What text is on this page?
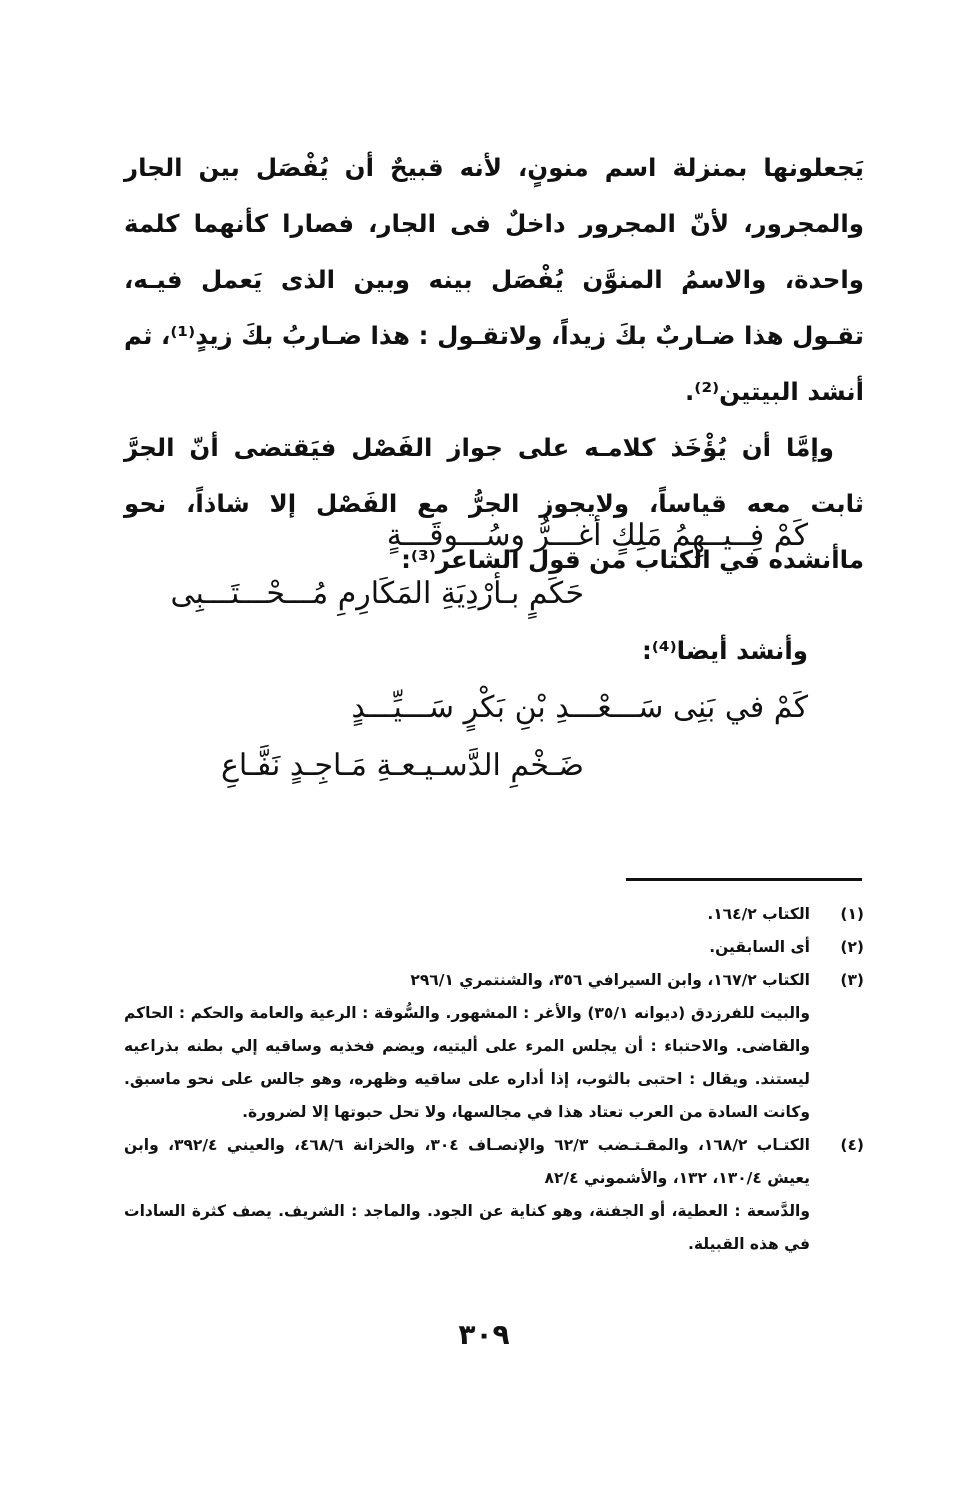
يَجعلونها بمنزلة اسم منونٍ، لأنه قبيحٌ أن يُفْصَل بين الجار والمجرور، لأنّ المجرور داخلٌ فى الجار، فصارا كأنهما كلمة واحدة، والاسمُ المنوَّن يُفْصَل بينه وبين الذى يَعمل فيـه، تقـول هذا ضـاربٌ بكَ زيداً، ولاتقـول : هذا ضـاربُ بكَ زيدٍ⁽¹⁾، ثم أنشد البيتين⁽²⁾.

وإمَّا أن يُؤْخَذ كلامـه على جواز الفَصْل فيَقتضى أنّ الجرَّ ثابت معه قياساً، ولايجوز الجرُّ مع الفَصْل إلا شاذاً، نحو ماأنشده في الكتاب من قول الشاعر⁽³⁾:

كَمْ فِــيــهِمُ مَلِكٍ أغـــرُّ وسُـــوقَـــةٍ
حَكَمٍ بـأرْدِيَةِ المَكَارِمِ مُـــحْـــتَـــبِى
وأنشد أيضا⁽⁴⁾:
كَمْ في بَنِى سَـــعْـــدِ بْنِ بَكْرٍ سَـــيِّـــدٍ
ضَـخْمِ الدَّسـيـعـةِ مَـاجِـدٍ نَفَّـاعِ
(١)
الكتاب ١٦٤/٢.
(٢)
أى السابقين.
(٣)
الكتاب ١٦٧/٢، وابن السيرافي ٣٥٦، والشنتمري ٢٩٦/١
والبيت للفرزدق (ديوانه ٣٥/١) والأغر : المشهور. والسُّوقة : الرعية والعامة والحكم : الحاكم والقاضى. والاحتباء : أن يجلس المرء على أليتيه، ويضم فخذيه وساقيه إلي بطنه بذراعيه ليستند. ويقال : احتبى بالثوب، إذا أداره على ساقيه وظهره، وهو جالس على نحو ماسبق. وكانت السادة من العرب تعتاد هذا في مجالسها، ولا تحل حبوتها إلا لضرورة.
(٤)
الكتـاب ١٦٨/٢، والمقـتـضب ٦٢/٣ والإنصـاف ٣٠٤، والخزانة ٤٦٨/٦، والعيني ٣٩٢/٤، وابن يعيش ١٣٠/٤، ١٣٢، والأشموني ٨٢/٤
والدَّسعة : العطية، أو الجفنة، وهو كناية عن الجود. والماجد : الشريف. يصف كثرة السادات في هذه القبيلة.
٣٠٩
